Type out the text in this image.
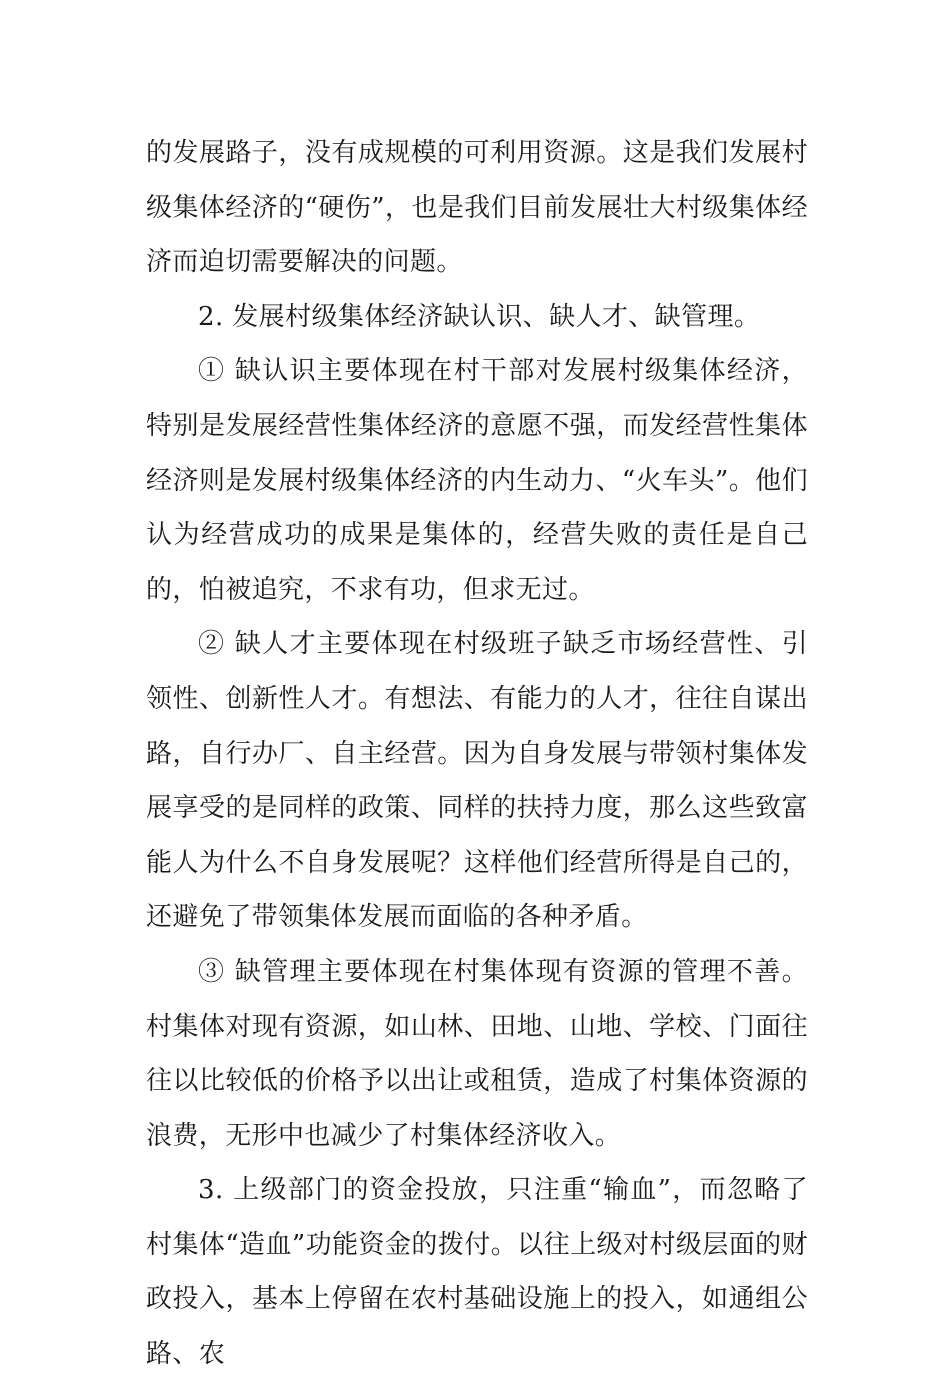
的发展路子，没有成规模的可利用资源。这是我们发展村级集体经济的“硬伤”，也是我们目前发展壮大村级集体经济而迫切需要解决的问题。

2. 发展村级集体经济缺认识、缺人才、缺管理。

① 缺认识主要体现在村干部对发展村级集体经济，特别是发展经营性集体经济的意愿不强，而发经营性集体经济则是发展村级集体经济的内生动力、“火车头”。他们认为经营成功的成果是集体的，经营失败的责任是自己的，怕被追究，不求有功，但求无过。

② 缺人才主要体现在村级班子缺乏市场经营性、引领性、创新性人才。有想法、有能力的人才，往往自谋出路，自行办厂、自主经营。因为自身发展与带领村集体发展享受的是同样的政策、同样的扶持力度，那么这些致富能人为什么不自身发展呢？这样他们经营所得是自己的，还避免了带领集体发展而面临的各种矛盾。

③ 缺管理主要体现在村集体现有资源的管理不善。村集体对现有资源，如山林、田地、山地、学校、门面往往以比较低的价格予以出让或租赁，造成了村集体资源的浪费，无形中也减少了村集体经济收入。

3. 上级部门的资金投放，只注重“输血”，而忽略了村集体“造血”功能资金的拨付。以往上级对村级层面的财政投入，基本上停留在农村基础设施上的投入，如通组公路、农
